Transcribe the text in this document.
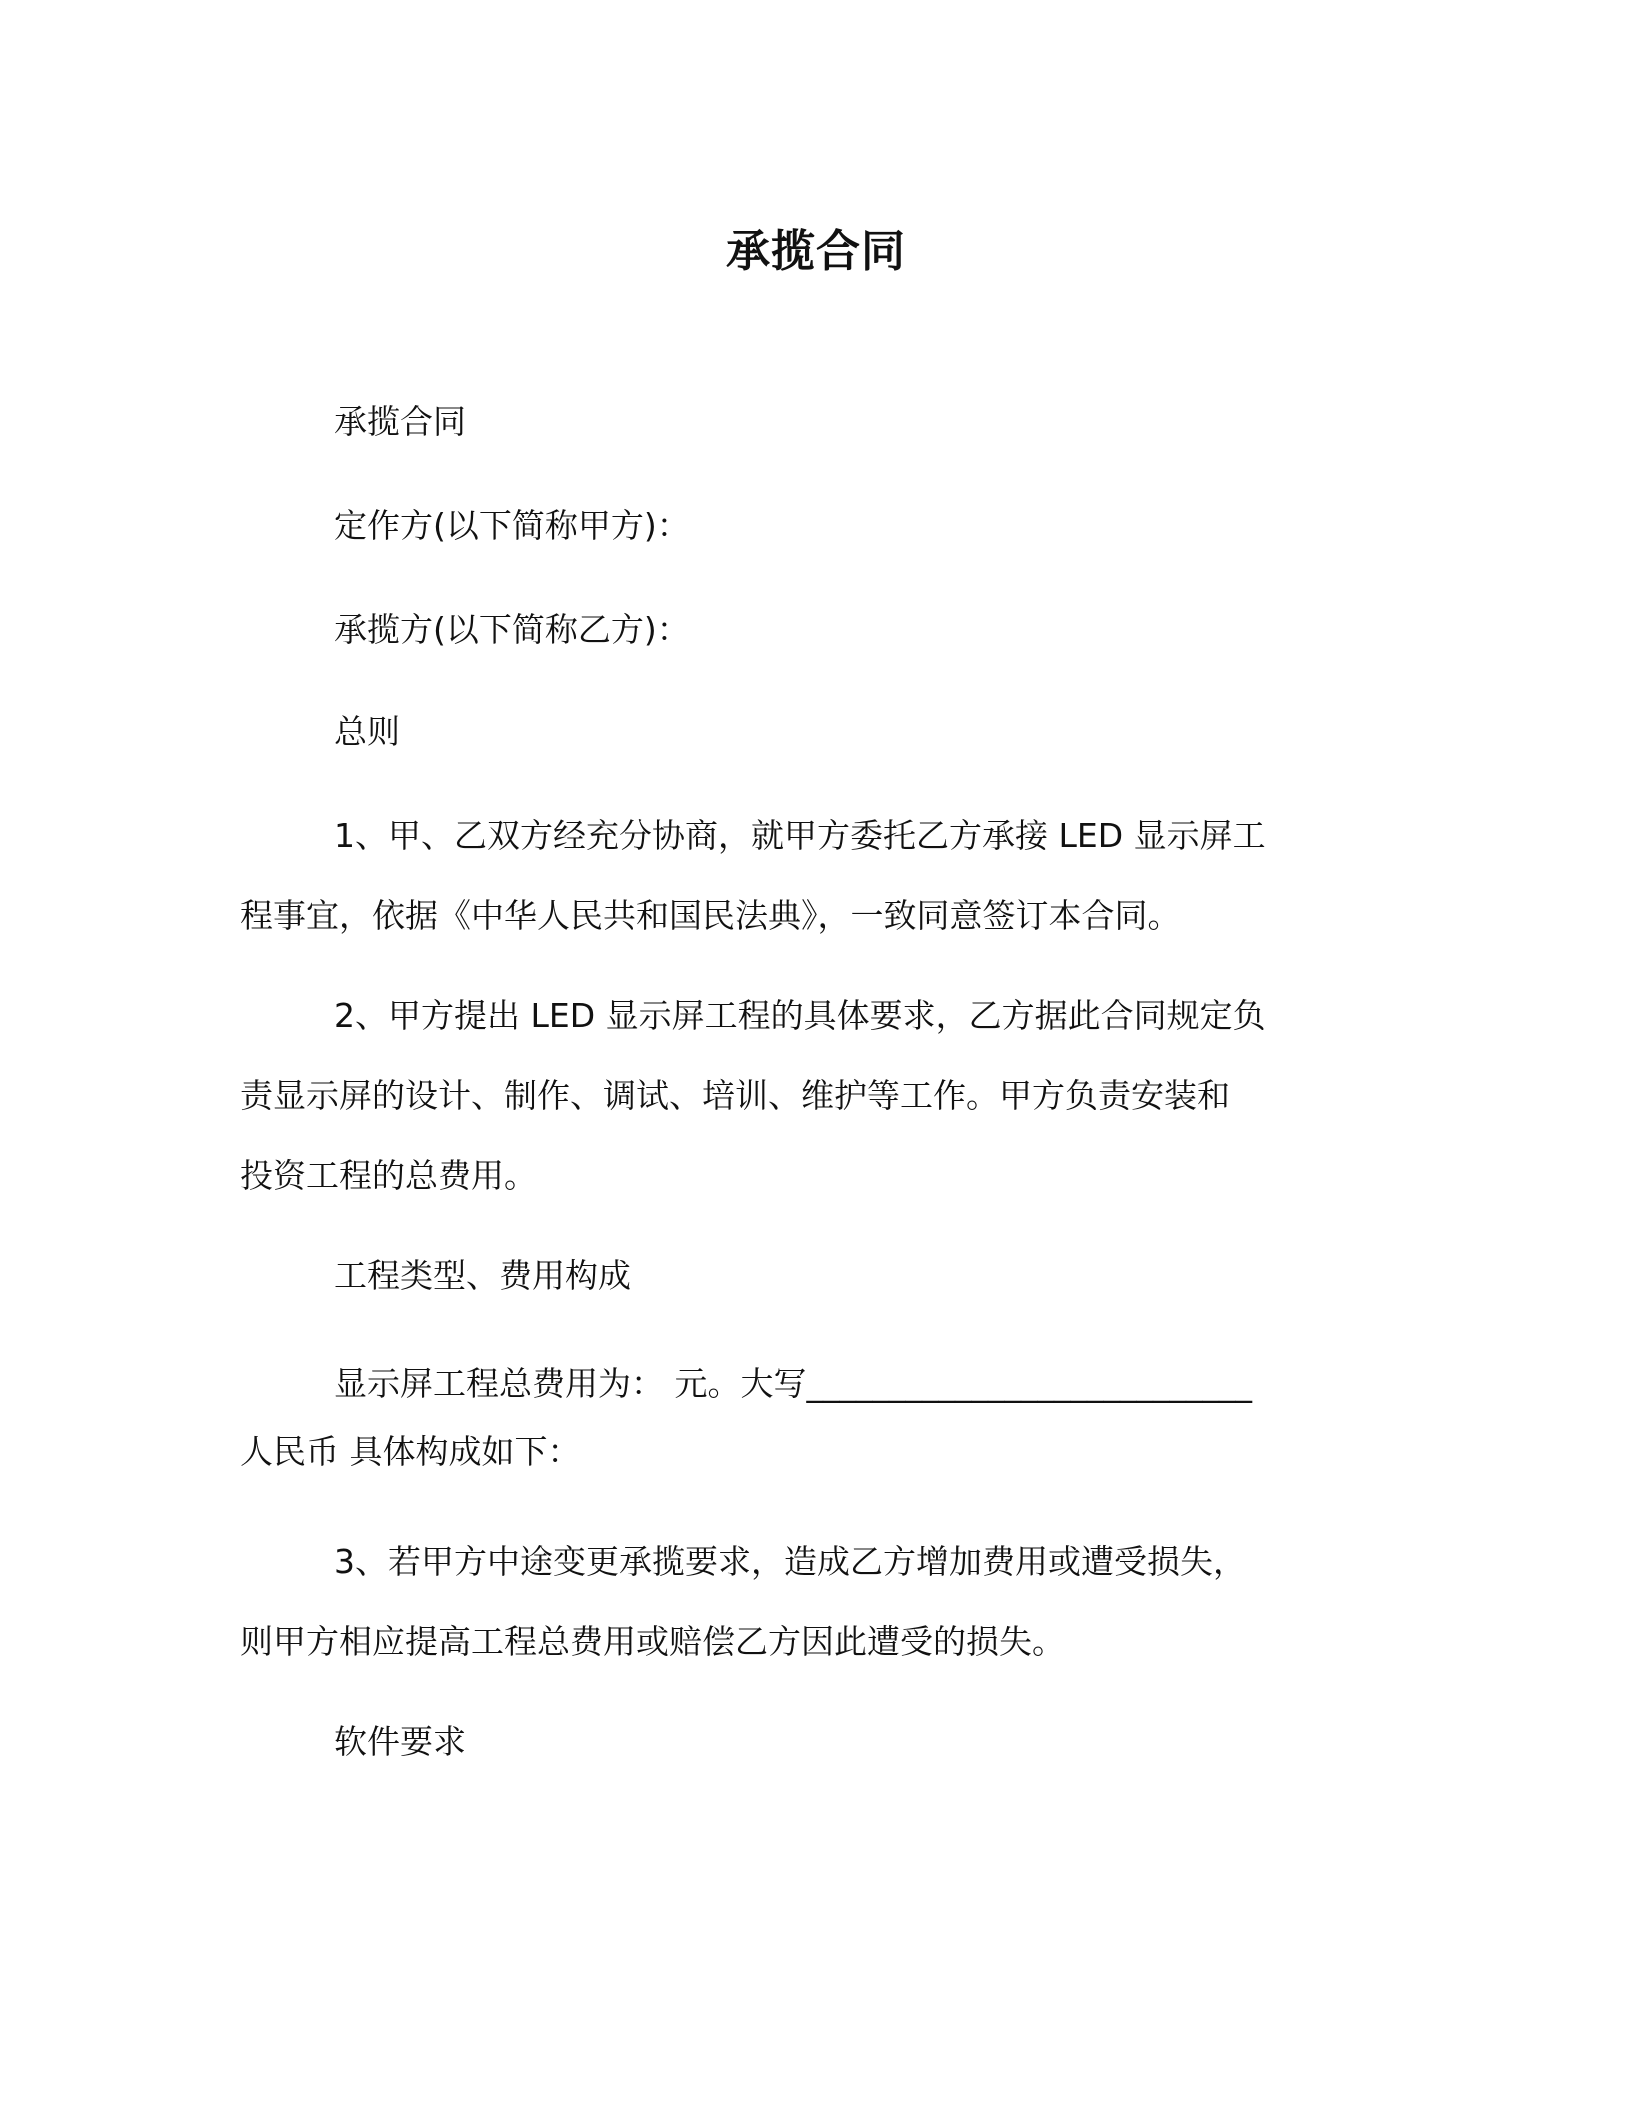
承揽合同

承揽合同

定作方(以下简称甲方)：

承揽方(以下简称乙方)：

总则

1、甲、乙双方经充分协商，就甲方委托乙方承接 LED 显示屏工
程事宜，依据《中华人民共和国民法典》，一致同意签订本合同。

2、甲方提出 LED 显示屏工程的具体要求，乙方据此合同规定负
责显示屏的设计、制作、调试、培训、维护等工作。甲方负责安装和
投资工程的总费用。

工程类型、费用构成

显示屏工程总费用为： 元。大写___________________________
人民币 具体构成如下：

3、若甲方中途变更承揽要求，造成乙方增加费用或遭受损失，
则甲方相应提高工程总费用或赔偿乙方因此遭受的损失。

软件要求
